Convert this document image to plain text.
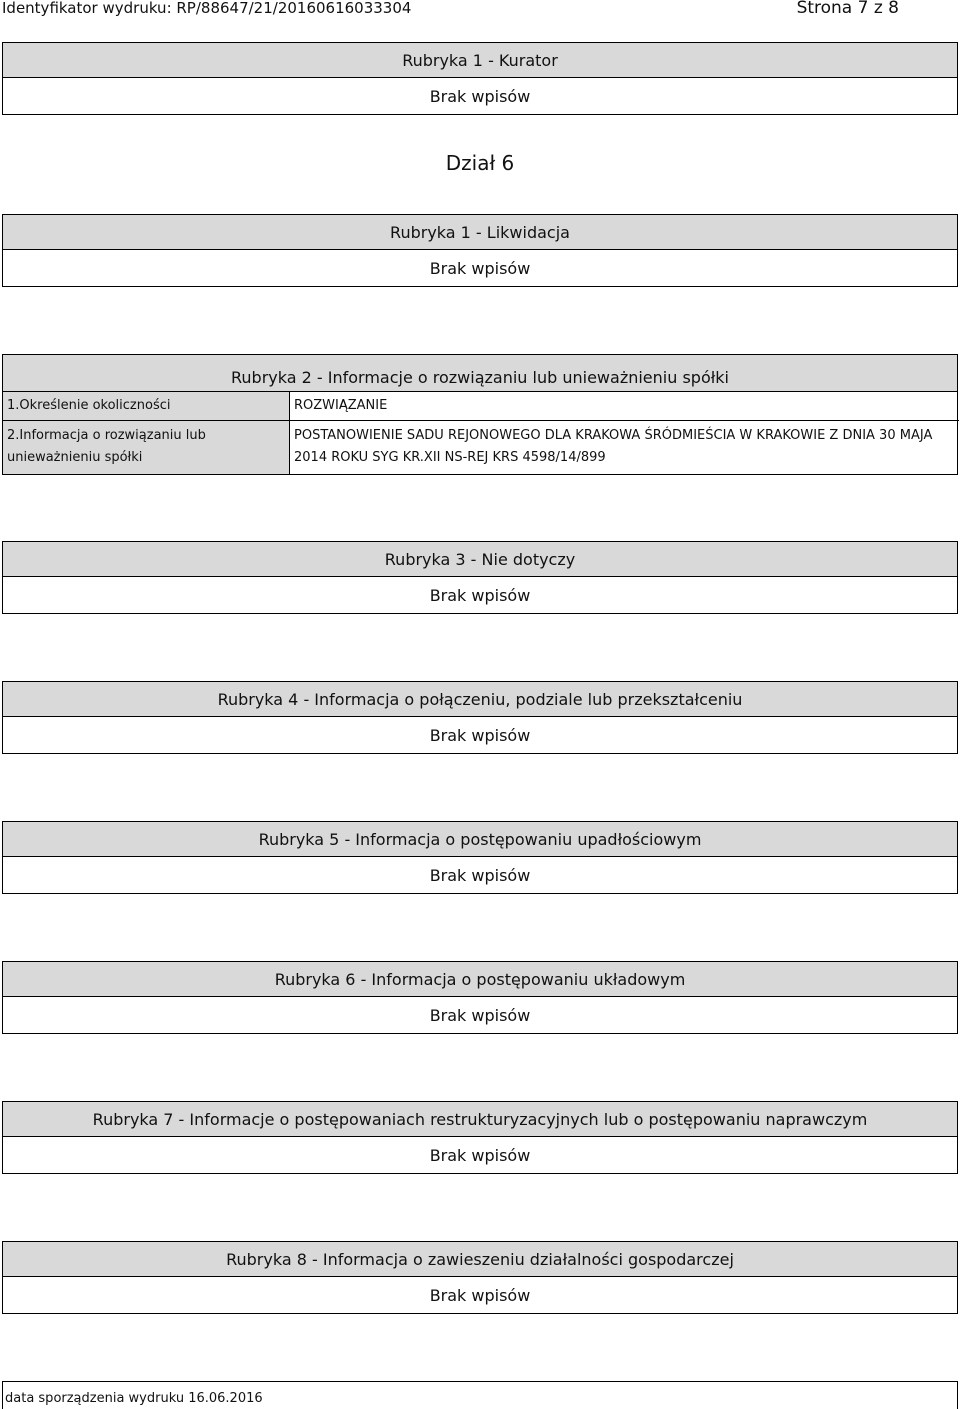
Identyfikator wydruku: RP/88647/21/20160616033304	Strona 7 z 8
Rubryka 1 - Kurator
Brak wpisów
Dział 6
Rubryka 1 - Likwidacja
Brak wpisów
Rubryka 2 - Informacje o rozwiązaniu lub unieważnieniu spółki
1.Określenie okoliczności	ROZWIĄZANIE
2.Informacja o rozwiązaniu lub unieważnieniu spółki
POSTANOWIENIE SADU REJONOWEGO DLA KRAKOWA ŚRÓDMIEŚCIA W KRAKOWIE Z DNIA 30 MAJA 2014 ROKU SYG KR.XII NS-REJ KRS 4598/14/899
Rubryka 3 - Nie dotyczy
Brak wpisów
Rubryka 4 - Informacja o połączeniu, podziale lub przekształceniu
Brak wpisów
Rubryka 5 - Informacja o postępowaniu upadłościowym
Brak wpisów
Rubryka 6 - Informacja o postępowaniu układowym
Brak wpisów
Rubryka 7 - Informacje o postępowaniach restrukturyzacyjnych lub o postępowaniu naprawczym
Brak wpisów
Rubryka 8 - Informacja o zawieszeniu działalności gospodarczej
Brak wpisów
data sporządzenia wydruku 16.06.2016
